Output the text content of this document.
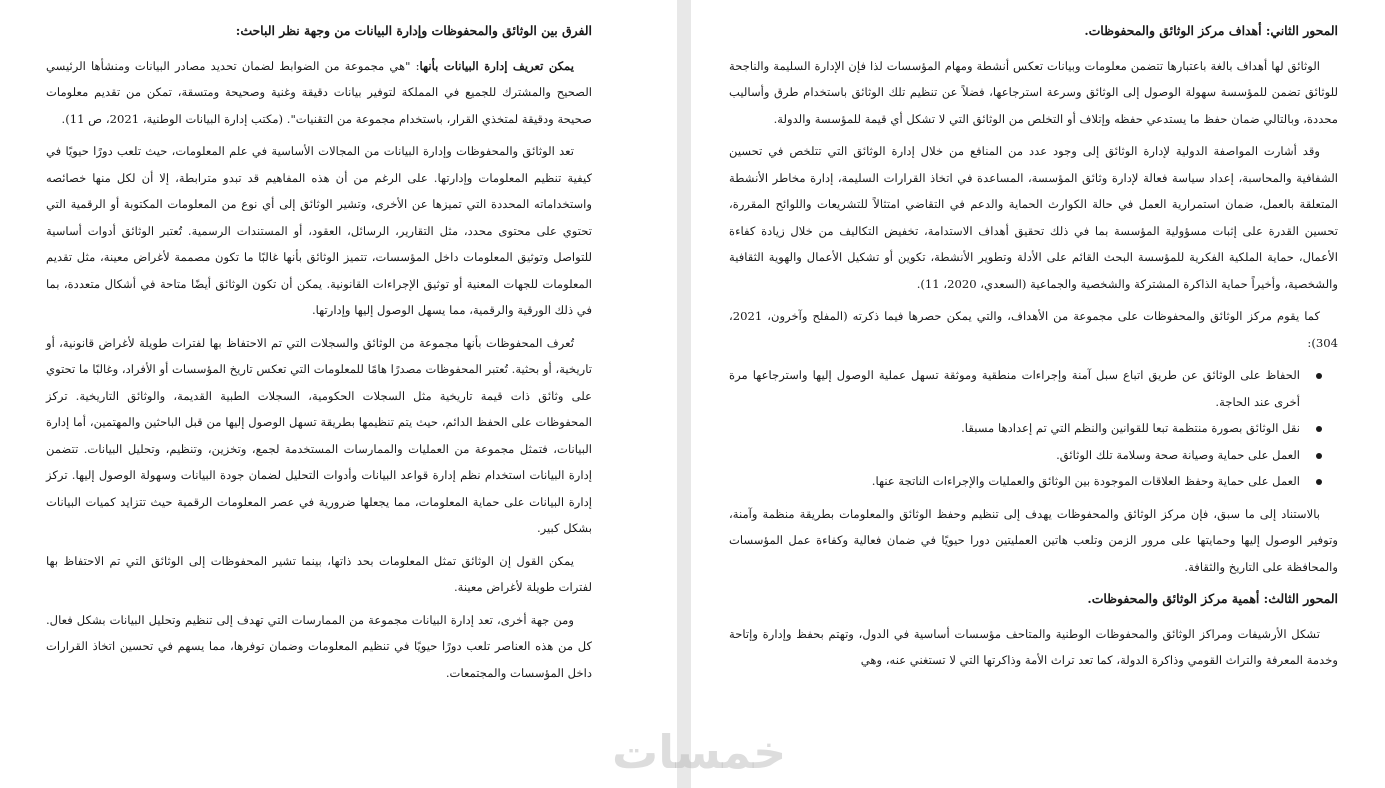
الفرق بين الوثائق والمحفوظات وإدارة البيانات من وجهة نظر الباحث:

يمكن تعريف إدارة البيانات بأنها: "هي مجموعة من الضوابط لضمان تحديد مصادر البيانات ومنشأها الرئيسي الصحيح والمشترك للجميع في المملكة لتوفير بيانات دقيقة وغنية وصحيحة ومتسقة، تمكن من تقديم معلومات صحيحة ودقيقة لمتخذي القرار، باستخدام مجموعة من التقنيات". (مكتب إدارة البيانات الوطنية، 2021، ص 11).

تعد الوثائق والمحفوظات وإدارة البيانات من المجالات الأساسية في علم المعلومات، حيث تلعب دورًا حيويًا في كيفية تنظيم المعلومات وإدارتها. على الرغم من أن هذه المفاهيم قد تبدو مترابطة، إلا أن لكل منها خصائصه واستخداماته المحددة التي تميزها عن الأخرى، وتشير الوثائق إلى أي نوع من المعلومات المكتوبة أو الرقمية التي تحتوي على محتوى محدد، مثل التقارير، الرسائل، العقود، أو المستندات الرسمية. تُعتبر الوثائق أدوات أساسية للتواصل وتوثيق المعلومات داخل المؤسسات، تتميز الوثائق بأنها غالبًا ما تكون مصممة لأغراض معينة، مثل تقديم المعلومات للجهات المعنية أو توثيق الإجراءات القانونية. يمكن أن تكون الوثائق أيضًا متاحة في أشكال متعددة، بما في ذلك الورقية والرقمية، مما يسهل الوصول إليها وإدارتها.

تُعرف المحفوظات بأنها مجموعة من الوثائق والسجلات التي تم الاحتفاظ بها لفترات طويلة لأغراض قانونية، أو تاريخية، أو بحثية. تُعتبر المحفوظات مصدرًا هامًا للمعلومات التي تعكس تاريخ المؤسسات أو الأفراد، وغالبًا ما تحتوي على وثائق ذات قيمة تاريخية مثل السجلات الحكومية، السجلات الطبية القديمة، والوثائق التاريخية. تركز المحفوظات على الحفظ الدائم، حيث يتم تنظيمها بطريقة تسهل الوصول إليها من قبل الباحثين والمهتمين، أما إدارة البيانات، فتمثل مجموعة من العمليات والممارسات المستخدمة لجمع، وتخزين، وتنظيم، وتحليل البيانات. تتضمن إدارة البيانات استخدام نظم إدارة قواعد البيانات وأدوات التحليل لضمان جودة البيانات وسهولة الوصول إليها. تركز إدارة البيانات على حماية المعلومات، مما يجعلها ضرورية في عصر المعلومات الرقمية حيث تتزايد كميات البيانات بشكل كبير.

يمكن القول إن الوثائق تمثل المعلومات بحد ذاتها، بينما تشير المحفوظات إلى الوثائق التي تم الاحتفاظ بها لفترات طويلة لأغراض معينة.

ومن جهة أخرى، تعد إدارة البيانات مجموعة من الممارسات التي تهدف إلى تنظيم وتحليل البيانات بشكل فعال. كل من هذه العناصر تلعب دورًا حيويًا في تنظيم المعلومات وضمان توفرها، مما يسهم في تحسين اتخاذ القرارات داخل المؤسسات والمجتمعات.

المحور الثاني: أهداف مركز الوثائق والمحفوظات.

الوثائق لها أهداف بالغة باعتبارها تتضمن معلومات وبيانات تعكس أنشطة ومهام المؤسسات لذا فإن الإدارة السليمة والناجحة للوثائق تضمن للمؤسسة سهولة الوصول إلى الوثائق وسرعة استرجاعها، فضلاً عن تنظيم تلك الوثائق باستخدام طرق وأساليب محددة، وبالتالي ضمان حفظ ما يستدعي حفظه وإتلاف أو التخلص من الوثائق التي لا تشكل أي قيمة للمؤسسة والدولة.

وقد أشارت المواصفة الدولية لإدارة الوثائق إلى وجود عدد من المنافع من خلال إدارة الوثائق التي تتلخص في تحسين الشفافية والمحاسبة، إعداد سياسة فعالة لإدارة وثائق المؤسسة، المساعدة في اتخاذ القرارات السليمة، إدارة مخاطر الأنشطة المتعلقة بالعمل، ضمان استمرارية العمل في حالة الكوارث الحماية والدعم في التقاضي امتثالاً للتشريعات واللوائح المقررة، تحسين القدرة على إثبات مسؤولية المؤسسة بما في ذلك تحقيق أهداف الاستدامة، تخفيض التكاليف من خلال زيادة كفاءة الأعمال، حماية الملكية الفكرية للمؤسسة البحث القائم على الأدلة وتطوير الأنشطة، تكوين أو تشكيل الأعمال والهوية الثقافية والشخصية، وأخيراً حماية الذاكرة المشتركة والشخصية والجماعية (السعدي، 2020، 11).

كما يقوم مركز الوثائق والمحفوظات على مجموعة من الأهداف، والتي يمكن حصرها فيما ذكرته (المفلح وآخرون، 2021، 304):

الحفاظ على الوثائق عن طريق اتباع سبل آمنة وإجراءات منطقية وموثقة تسهل عملية الوصول إليها واسترجاعها مرة أخرى عند الحاجة.
نقل الوثائق بصورة منتظمة تبعا للقوانين والنظم التي تم إعدادها مسبقا.
العمل على حماية وصيانة صحة وسلامة تلك الوثائق.
العمل على حماية وحفظ العلاقات الموجودة بين الوثائق والعمليات والإجراءات الناتجة عنها.

بالاستناد إلى ما سبق، فإن مركز الوثائق والمحفوظات يهدف إلى تنظيم وحفظ الوثائق والمعلومات بطريقة منظمة وآمنة، وتوفير الوصول إليها وحمايتها على مرور الزمن وتلعب هاتين العمليتين دورا حيويًا في ضمان فعالية وكفاءة عمل المؤسسات والمحافظة على التاريخ والثقافة.

المحور الثالث: أهمية مركز الوثائق والمحفوظات.

تشكل الأرشيفات ومراكز الوثائق والمحفوظات الوطنية والمتاحف مؤسسات أساسية في الدول، وتهتم بحفظ وإدارة وإتاحة وخدمة المعرفة والتراث القومي وذاكرة الدولة، كما تعد تراث الأمة وذاكرتها التي لا تستغني عنه، وهي

خمسات
